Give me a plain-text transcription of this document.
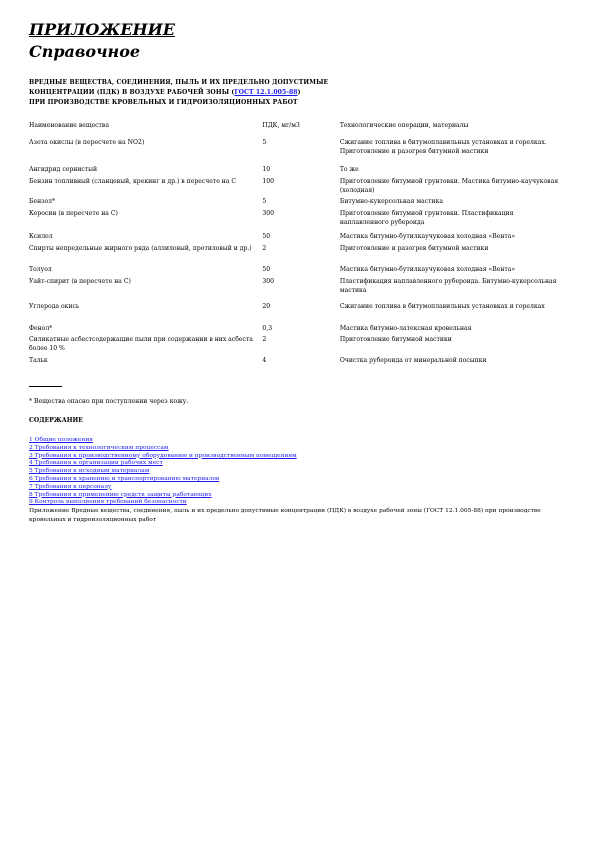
ПРИЛОЖЕНИЕ

Справочное

ВРЕДНЫЕ ВЕЩЕСТВА, СОЕДИНЕНИЯ, ПЫЛЬ И ИХ ПРЕДЕЛЬНО ДОПУСТИМЫЕ
КОНЦЕНТРАЦИИ (ПДК) В ВОЗДУХЕ РАБОЧЕЙ ЗОНЫ (ГОСТ 12.1.005-88)
ПРИ ПРОИЗВОДСТВЕ КРОВЕЛЬНЫХ И ГИДРОИЗОЛЯЦИОННЫХ РАБОТ
Наименование вещества	ПДК, мг/м3	Технологические операции, материалы
Азота окислы (в пересчете на NO2)	5	Сжигание топлива в битумоплавильных установках и горелках. Приготовление и разогрев битумной мастики
Ангидрид сернистый	10	То же
Бензин топливный (сланцевый, крекинг и др.) в пересчете на С	100	Приготовление битумной грунтовки. Мастика битумно-каучуковая (холодная)
Бензол*	5	Битумно-кукерсольная мастика
Керосин (в пересчете на С)	300	Приготовление битумной грунтовки. Пластификация наплавленного рубероида
Ксилол	50	Мастика битумно-бутилкаучуковая холодная «Вента»
Спирты непредельные жирного ряда (аллиловый, протиловый и др.)	2	Приготовление и разогрев битумной мастики
Толуол	50	Мастика битумно-бутилкаучуковая холодная «Вента»
Уайт-спирит (в пересчете на С)	300	Пластификация наплавленного рубероида. Битумно-кукерсольная мастика
Углерода окись	20	Сжигание топлива в битумоплавильных установках и горелках
Фенол*	0,3	Мастика битумно-латексная кровельная
Силикатные асбестсодержащие пыли при содержании в них асбеста более 10 %	2	Приготовление битумной мастики
Тальк	4	Очистка рубероида от минеральной посыпки
* Вещества опасно при поступлении через кожу.
СОДЕРЖАНИЕ
1 Общие положения
2 Требования к технологическим процессам
3 Требования к производственному оборудованию и производственным помещениям
4 Требования к организации рабочих мест
5 Требования к исходным материалам
6 Требования к хранению и транспортированию материалов
7 Требования к персоналу
8 Требования к применению средств защиты работающих
9 Контроль выполнения требований безопасности
Приложение Вредные вещества, соединения, пыль и их предельно допустимые концентрации (ПДК) в воздухе рабочей зоны (ГОСТ 12.1.005-88) при производстве кровельных и гидроизоляционных работ
